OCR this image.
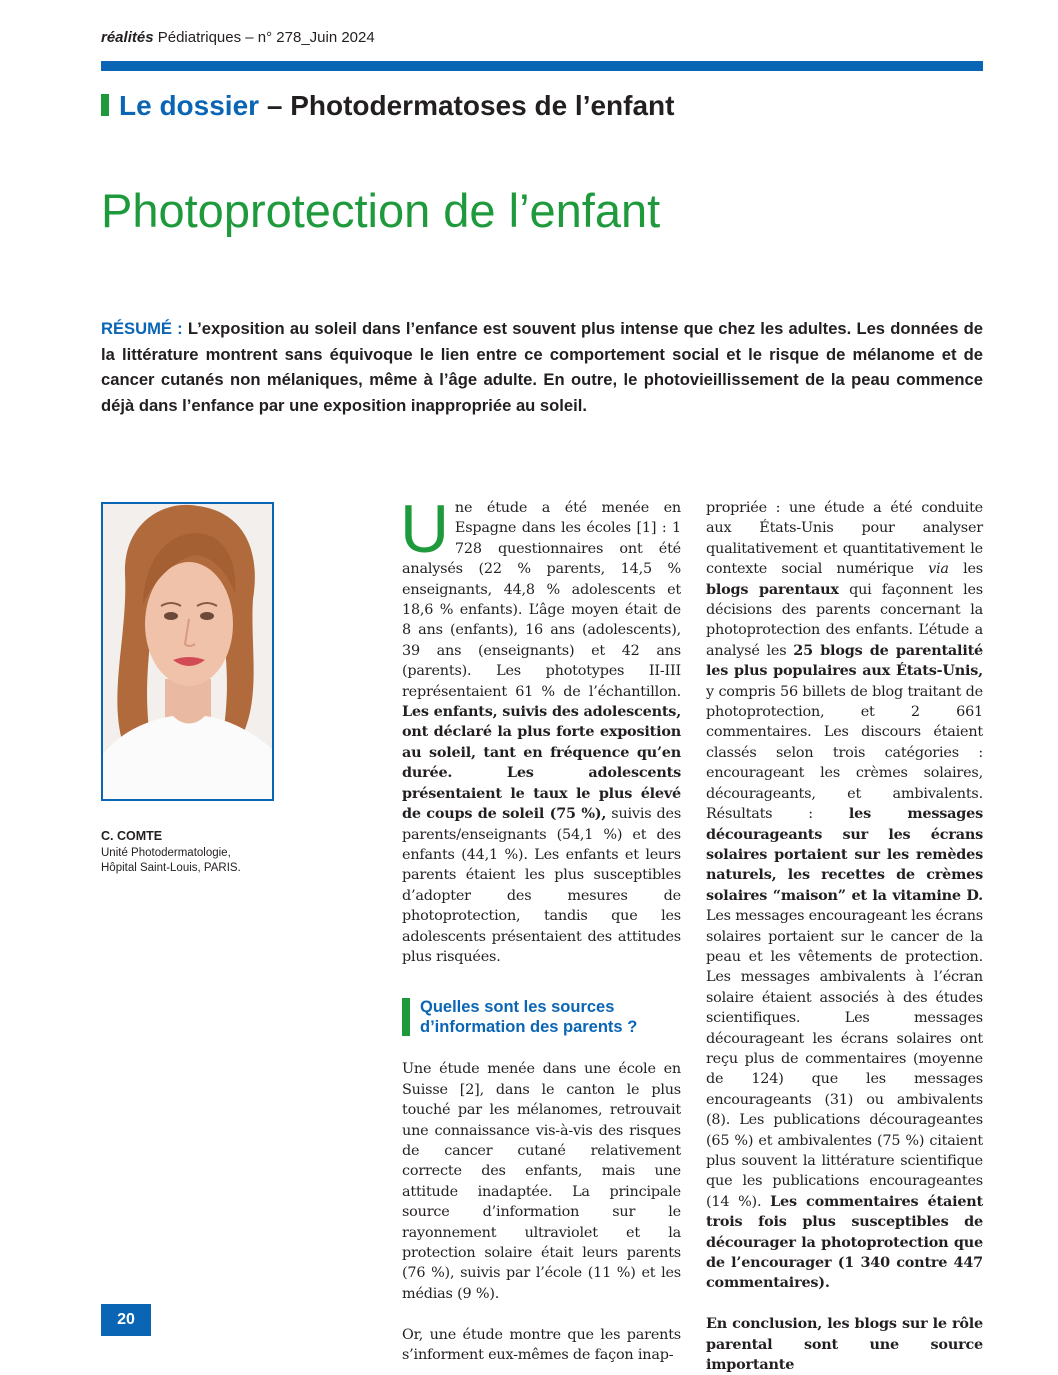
réalités Pédiatriques – n° 278_Juin 2024
Le dossier – Photodermatoses de l’enfant
Photoprotection de l’enfant
RÉSUMÉ : L’exposition au soleil dans l’enfance est souvent plus intense que chez les adultes. Les données de la littérature montrent sans équivoque le lien entre ce comportement social et le risque de mélanome et de cancer cutanés non mélaniques, même à l’âge adulte. En outre, le photovieillissement de la peau commence déjà dans l’enfance par une exposition inappropriée au soleil.
C. COMTE
Unité Photodermatologie,
Hôpital Saint-Louis, PARIS.

Une étude a été menée en Espagne dans les écoles [1] : 1 728 questionnaires ont été analysés (22 % parents, 14,5 % enseignants, 44,8 % adolescents et 18,6 % enfants). L’âge moyen était de 8 ans (enfants), 16 ans (adolescents), 39 ans (enseignants) et 42 ans (parents). Les phototypes II-III représentaient 61 % de l’échantillon. Les enfants, suivis des adolescents, ont déclaré la plus forte exposition au soleil, tant en fréquence qu’en durée. Les adolescents présentaient le taux le plus élevé de coups de soleil (75 %), suivis des parents/enseignants (54,1 %) et des enfants (44,1 %). Les enfants et leurs parents étaient les plus susceptibles d’adopter des mesures de photoprotection, tandis que les adolescents présentaient des attitudes plus risquées.

Quelles sont les sources
d’information des parents ?

Une étude menée dans une école en Suisse [2], dans le canton le plus touché par les mélanomes, retrouvait une connaissance vis-à-vis des risques de cancer cutané relativement correcte des enfants, mais une attitude inadaptée. La principale source d’information sur le rayonnement ultraviolet et la protection solaire était leurs parents (76 %), suivis par l’école (11 %) et les médias (9 %).

Or, une étude montre que les parents s’informent eux-mêmes de façon inap-

propriée : une étude a été conduite aux États-Unis pour analyser qualitativement et quantitativement le contexte social numérique via les blogs parentaux qui façonnent les décisions des parents concernant la photoprotection des enfants. L’étude a analysé les 25 blogs de parentalité les plus populaires aux États-Unis, y compris 56 billets de blog traitant de photoprotection, et 2 661 commentaires. Les discours étaient classés selon trois catégories : encourageant les crèmes solaires, décourageants, et ambivalents. Résultats : les messages décourageants sur les écrans solaires portaient sur les remèdes naturels, les recettes de crèmes solaires “maison” et la vitamine D. Les messages encourageant les écrans solaires portaient sur le cancer de la peau et les vêtements de protection. Les messages ambivalents à l’écran solaire étaient associés à des études scientifiques. Les messages décourageant les écrans solaires ont reçu plus de commentaires (moyenne de 124) que les messages encourageants (31) ou ambivalents (8). Les publications décourageantes (65 %) et ambivalentes (75 %) citaient plus souvent la littérature scientifique que les publications encourageantes (14 %). Les commentaires étaient trois fois plus susceptibles de décourager la photoprotection que de l’encourager (1 340 contre 447 commentaires).

En conclusion, les blogs sur le rôle parental sont une source importante

20
